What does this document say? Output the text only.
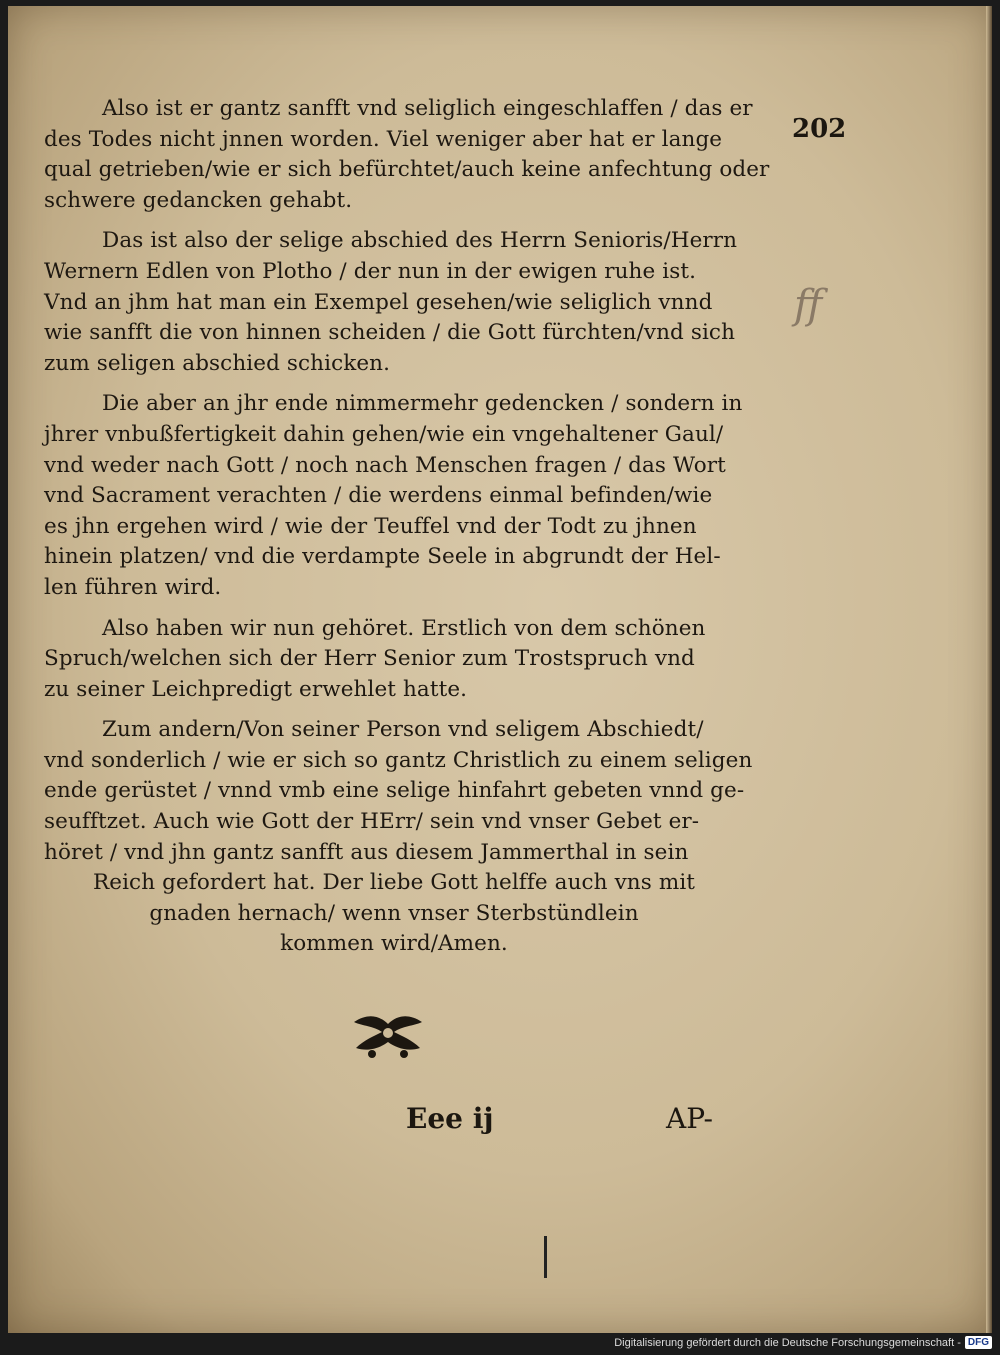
202
ff

Also ist er gantz sanfft vnd seliglich eingeschlaffen / das er
des Todes nicht jnnen worden. Viel weniger aber hat er lange
qual getrieben/wie er sich befürchtet/auch keine anfechtung oder
schwere gedancken gehabt.

Das ist also der selige abschied des Herrn Senioris/Herrn
Wernern Edlen von Plotho / der nun in der ewigen ruhe ist.
Vnd an jhm hat man ein Exempel gesehen/wie seliglich vnnd
wie sanfft die von hinnen scheiden / die Gott fürchten/vnd sich
zum seligen abschied schicken.

Die aber an jhr ende nimmermehr gedencken / sondern in
jhrer vnbußfertigkeit dahin gehen/wie ein vngehaltener Gaul/
vnd weder nach Gott / noch nach Menschen fragen / das Wort
vnd Sacrament verachten / die werdens einmal befinden/wie
es jhn ergehen wird / wie der Teuffel vnd der Todt zu jhnen
hinein platzen/ vnd die verdampte Seele in abgrundt der Hel-
len führen wird.

Also haben wir nun gehöret. Erstlich von dem schönen
Spruch/welchen sich der Herr Senior zum Trostspruch vnd
zu seiner Leichpredigt erwehlet hatte.

Zum andern/Von seiner Person vnd seligem Abschiedt/
vnd sonderlich / wie er sich so gantz Christlich zu einem seligen
ende gerüstet / vnnd vmb eine selige hinfahrt gebeten vnnd ge-
seufftzet. Auch wie Gott der HErr/ sein vnd vnser Gebet er-
höret / vnd jhn gantz sanfft aus diesem Jammerthal in sein
Reich gefordert hat. Der liebe Gott helffe auch vns mit
gnaden hernach/ wenn vnser Sterbstündlein
kommen wird/Amen.

Eee ij	AP-
Digitalisierung gefördert durch die Deutsche Forschungsgemeinschaft - DFG
